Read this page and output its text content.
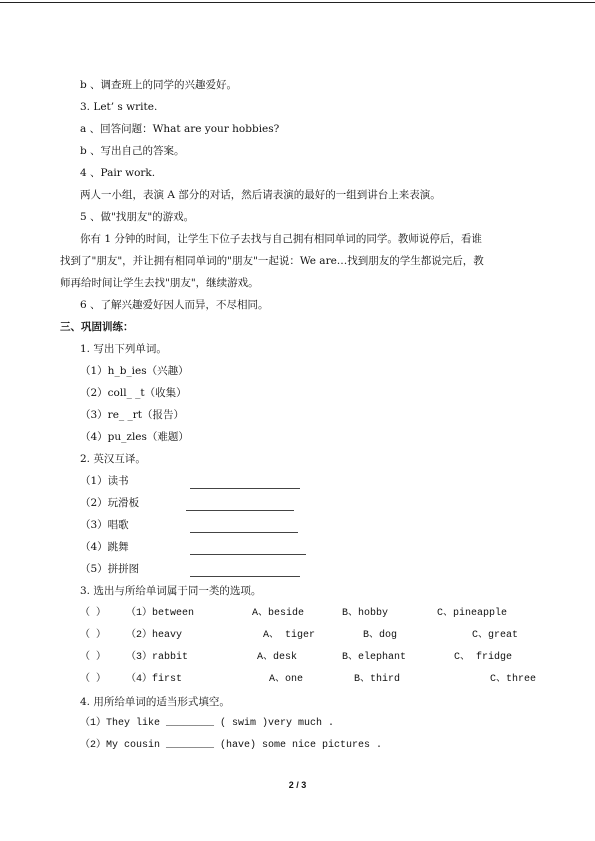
b 、调查班上的同学的兴趣爱好。
3. Let’ s write.
a 、回答问题：What are your hobbies?
b 、写出自己的答案。
4 、Pair work.
两人一小组，表演 A 部分的对话，然后请表演的最好的一组到讲台上来表演。
5 、做"找朋友"的游戏。
你有 1 分钟的时间，让学生下位子去找与自己拥有相同单词的同学。教师说停后，看谁
找到了"朋友"，并让拥有相同单词的"朋友"一起说：We are…找到朋友的学生都说完后，教
师再给时间让学生去找"朋友"，继续游戏。
6 、了解兴趣爱好因人而异，不尽相同。
三、巩固训练：
1. 写出下列单词。
（1）h_b_ies（兴趣）
（2）coll_ _t（收集）
（3）re_ _rt（报告）
（4）pu_zles（难题）
2. 英汉互译。
（1）读书
（2）玩滑板
（3）唱歌
（4）跳舞
（5）拼拼图
3. 选出与所给单词属于同一类的选项。
（ ） （1）between	A、beside	B、hobby	C、pineapple
（ ） （2）heavy	A、 tiger	B、dog	C、great
（ ） （3）rabbit	A、desk	B、elephant	C、 fridge
（ ） （4）first	A、one	B、third	C、three
4. 用所给单词的适当形式填空。
（1）They like ________ ( swim )very much .
（2）My cousin ________ (have) some nice pictures .
2 / 3
